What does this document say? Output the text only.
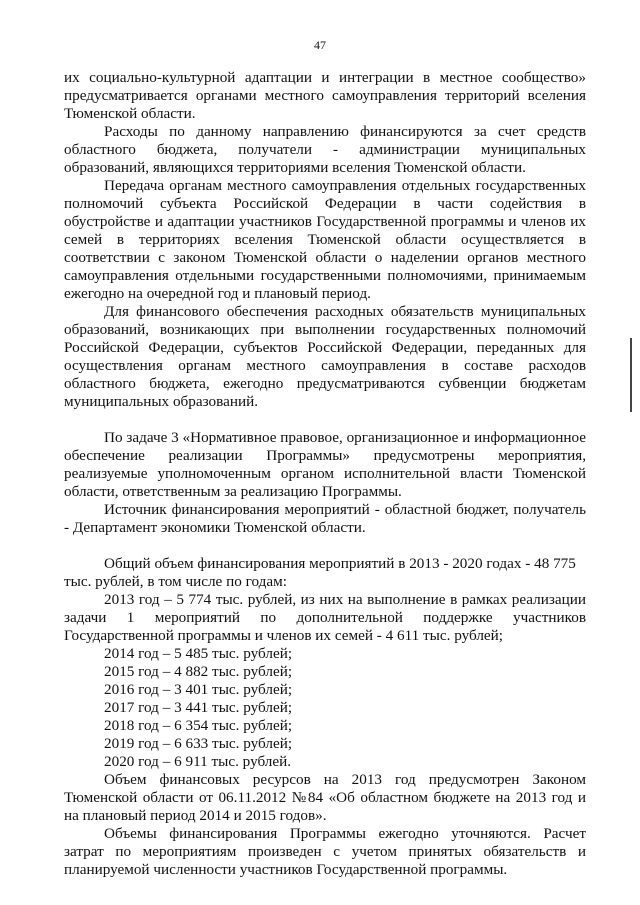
47
их социально-культурной адаптации и интеграции в местное сообщество»
предусматривается органами местного самоуправления территорий вселения
Тюменской области.
Расходы по данному направлению финансируются за счет средств
областного бюджета, получатели - администрации муниципальных
образований, являющихся территориями вселения Тюменской области.
Передача органам местного самоуправления отдельных государственных
полномочий субъекта Российской Федерации в части содействия в
обустройстве и адаптации участников Государственной программы и членов их
семей в территориях вселения Тюменской области осуществляется в
соответствии с законом Тюменской области о наделении органов местного
самоуправления отдельными государственными полномочиями, принимаемым
ежегодно на очередной год и плановый период.
Для финансового обеспечения расходных обязательств муниципальных
образований, возникающих при выполнении государственных полномочий
Российской Федерации, субъектов Российской Федерации, переданных для
осуществления органам местного самоуправления в составе расходов
областного бюджета, ежегодно предусматриваются субвенции бюджетам
муниципальных образований.
По задаче 3 «Нормативное правовое, организационное и информационное
обеспечение реализации Программы» предусмотрены мероприятия,
реализуемые уполномоченным органом исполнительной власти Тюменской
области, ответственным за реализацию Программы.
Источник финансирования мероприятий - областной бюджет, получатель
- Департамент экономики Тюменской области.
Общий объем финансирования мероприятий в 2013 - 2020 годах - 48 775
тыс. рублей, в том числе по годам:
2013 год – 5 774 тыс. рублей, из них на выполнение в рамках реализации
задачи 1 мероприятий по дополнительной поддержке участников
Государственной программы и членов их семей - 4 611 тыс. рублей;
2014 год – 5 485 тыс. рублей;
2015 год – 4 882 тыс. рублей;
2016 год – 3 401 тыс. рублей;
2017 год – 3 441 тыс. рублей;
2018 год – 6 354 тыс. рублей;
2019 год – 6 633 тыс. рублей;
2020 год – 6 911 тыс. рублей.
Объем финансовых ресурсов на 2013 год предусмотрен Законом
Тюменской области от 06.11.2012 №84 «Об областном бюджете на 2013 год и
на плановый период 2014 и 2015 годов».
Объемы финансирования Программы ежегодно уточняются. Расчет
затрат по мероприятиям произведен с учетом принятых обязательств и
планируемой численности участников Государственной программы.
